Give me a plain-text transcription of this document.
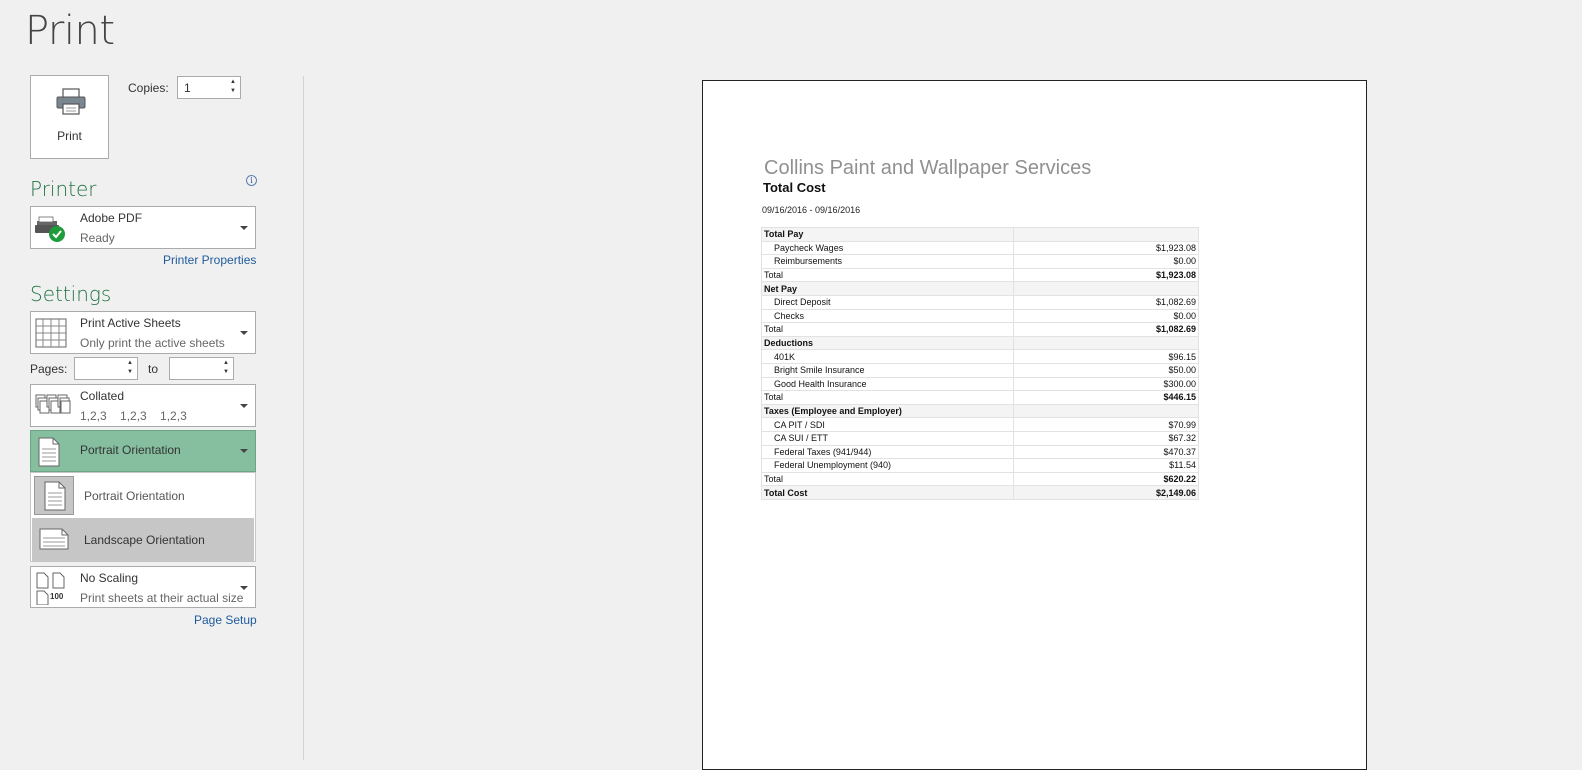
Print
Print
Copies: 1	▲
▼
Printer	i
Adobe PDF
Ready
Printer Properties
Settings
Print Active Sheets
Only print the active sheets
Pages:	▲
▼ to	▲
▼
Collated
1,2,3    1,2,3    1,2,3
Portrait Orientation
Portrait Orientation
Landscape Orientation
100
No Scaling
Print sheets at their actual size
Page Setup
Collins Paint and Wallpaper Services
Total Cost
09/16/2016 - 09/16/2016
Total Pay	
Paycheck Wages	$1,923.08
Reimbursements	$0.00
Total	$1,923.08
Net Pay	
Direct Deposit	$1,082.69
Checks	$0.00
Total	$1,082.69
Deductions	
401K	$96.15
Bright Smile Insurance	$50.00
Good Health Insurance	$300.00
Total	$446.15
Taxes (Employee and Employer)	
CA PIT / SDI	$70.99
CA SUI / ETT	$67.32
Federal Taxes (941/944)	$470.37
Federal Unemployment (940)	$11.54
Total	$620.22
Total Cost	$2,149.06
